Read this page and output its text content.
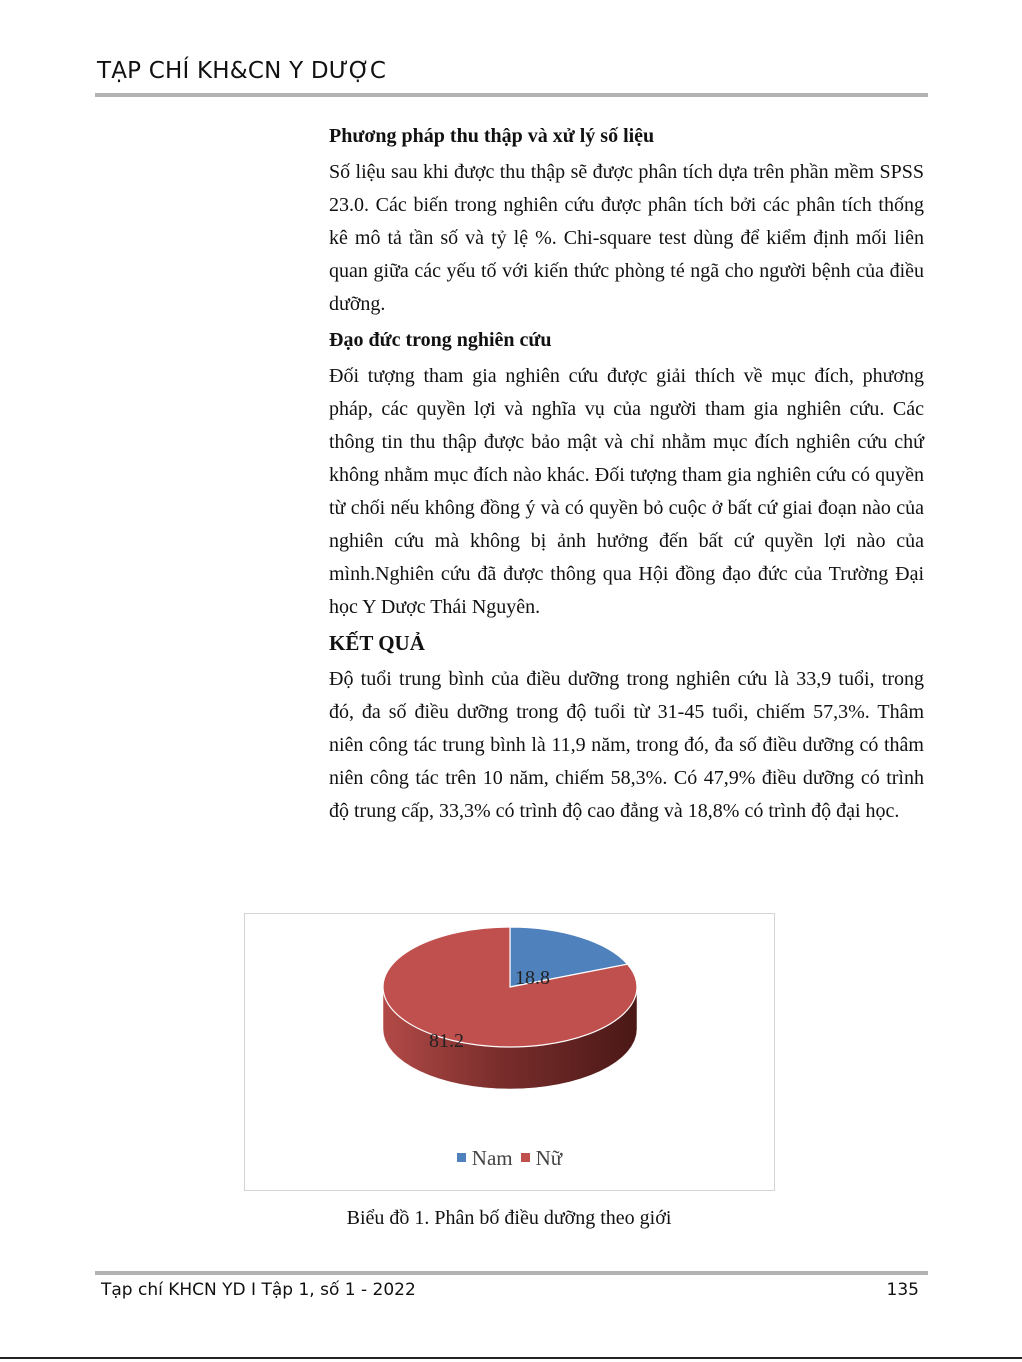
TẠP CHÍ KH&CN Y DƯỢC

Phương pháp thu thập và xử lý số liệu

Số liệu sau khi được thu thập sẽ được phân tích dựa trên phần mềm SPSS 23.0. Các biến trong nghiên cứu được phân tích bởi các phân tích thống kê mô tả tần số và tỷ lệ %. Chi-square test dùng để kiểm định mối liên quan giữa các yếu tố với kiến thức phòng té ngã cho người bệnh của điều dưỡng.

Đạo đức trong nghiên cứu

Đối tượng tham gia nghiên cứu được giải thích về mục đích, phương pháp, các quyền lợi và nghĩa vụ của người tham gia nghiên cứu. Các thông tin thu thập được bảo mật và chỉ nhằm mục đích nghiên cứu chứ không nhằm mục đích nào khác. Đối tượng tham gia nghiên cứu có quyền từ chối nếu không đồng ý và có quyền bỏ cuộc ở bất cứ giai đoạn nào của nghiên cứu mà không bị ảnh hưởng đến bất cứ quyền lợi nào của mình.Nghiên cứu đã được thông qua Hội đồng đạo đức của Trường Đại học Y Dược Thái Nguyên.

KẾT QUẢ

Độ tuổi trung bình của điều dưỡng trong nghiên cứu là 33,9 tuổi, trong đó, đa số điều dưỡng trong độ tuổi từ 31-45 tuổi, chiếm 57,3%. Thâm niên công tác trung bình là 11,9 năm, trong đó, đa số điều dưỡng có thâm niên công tác trên 10 năm, chiếm 58,3%. Có 47,9% điều dưỡng có trình độ trung cấp, 33,3% có trình độ cao đẳng và 18,8% có trình độ đại học.

18.8
81.2
Nam Nữ
Biểu đồ 1. Phân bố điều dưỡng theo giới
Tạp chí KHCN YD I Tập 1, số 1 - 2022	135
